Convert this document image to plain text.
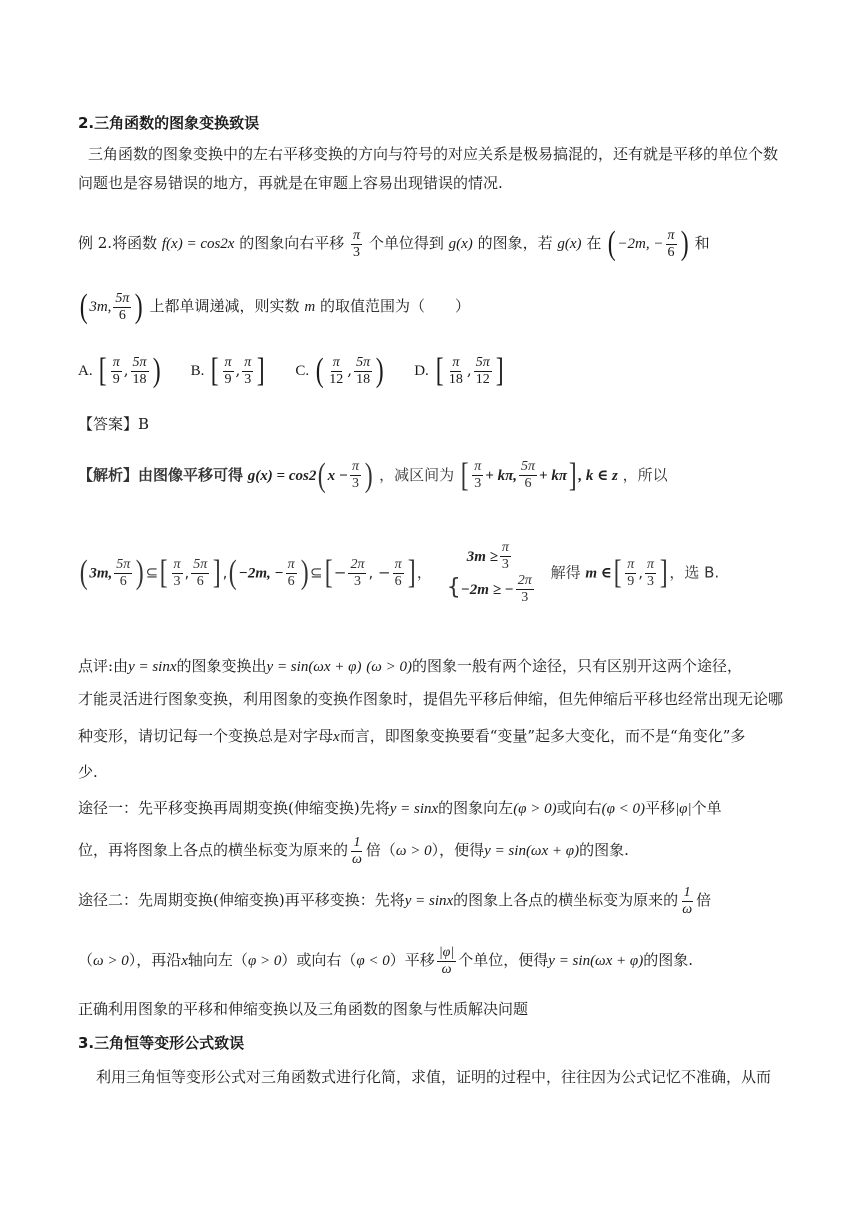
2.三角函数的图象变换致误
三角函数的图象变换中的左右平移变换的方向与符号的对应关系是极易搞混的，还有就是平移的单位个数
问题也是容易错误的地方，再就是在审题上容易出现错误的情况.
例 2.将函数 f(x) = cos2x 的图象向右平移 $\frac{\pi}{3}$ 个单位得到 g(x) 的图象，若 g(x) 在 ( −2m, − $\frac{\pi}{6}$ ) 和
( 3m, $\frac{5\pi}{6}$ ) 上都单调递减，则实数 m 的取值范围为（　　）
A. [ $\frac{\pi}{9}$ , $\frac{5\pi}{18}$ ) B. [ $\frac{\pi}{9}$ , $\frac{\pi}{3}$ ] C. ( $\frac{\pi}{12}$ , $\frac{5\pi}{18}$ ) D. [ $\frac{\pi}{18}$ , $\frac{5\pi}{12}$ ]
【答案】B

【解析】由图像平移可得 g(x) = cos2( $x - \frac{\pi}{3}$ ) ，减区间为 [ $\frac{\pi}{3} + k\pi$, $\frac{5\pi}{6} + k\pi$] , k ∈ z ，所以
( 3m, $\frac{5\pi}{6}$ ) ⊆[ $\frac{\pi}{3}$ , $\frac{5\pi}{6}$ ] ,( −2m, − $\frac{\pi}{6}$ ) ⊆[ − $\frac{2\pi}{3}$ , − $\frac{\pi}{6}$ ] ，
$3m \ge \frac{\pi}{3}$
{−2m ≥ − $\frac{2\pi}{3}$
解得 m ∈[ $\frac{\pi}{9}$ , $\frac{\pi}{3}$ ] ，选 B.
点评:由y = sinx的图象变换出y = sin(ωx + φ) (ω > 0)的图象一般有两个途径，只有区别开这两个途径，
才能灵活进行图象变换，利用图象的变换作图象时，提倡先平移后伸缩，但先伸缩后平移也经常出现无论哪
种变形，请切记每一个变换总是对字母x而言，即图象变换要看“变量”起多大变化，而不是“角变化”多
少.
途径一：先平移变换再周期变换(伸缩变换)先将y = sinx的图象向左(φ > 0)或向右(φ < 0)平移|φ|个单
位，再将图象上各点的横坐标变为原来的 $\frac{1}{\omega}$ 倍（ω > 0），便得y = sin(ωx + φ)的图象.
途径二：先周期变换(伸缩变换)再平移变换：先将y = sinx的图象上各点的横坐标变为原来的 $\frac{1}{\omega}$ 倍
（ω > 0），再沿x轴向左（φ > 0）或向右（φ < 0）平移 $\frac{|\varphi|}{\omega}$ 个单位，便得y = sin(ωx + φ)的图象.
正确利用图象的平移和伸缩变换以及三角函数的图象与性质解决问题
3.三角恒等变形公式致误
利用三角恒等变形公式对三角函数式进行化简，求值，证明的过程中，往往因为公式记忆不准确，从而
